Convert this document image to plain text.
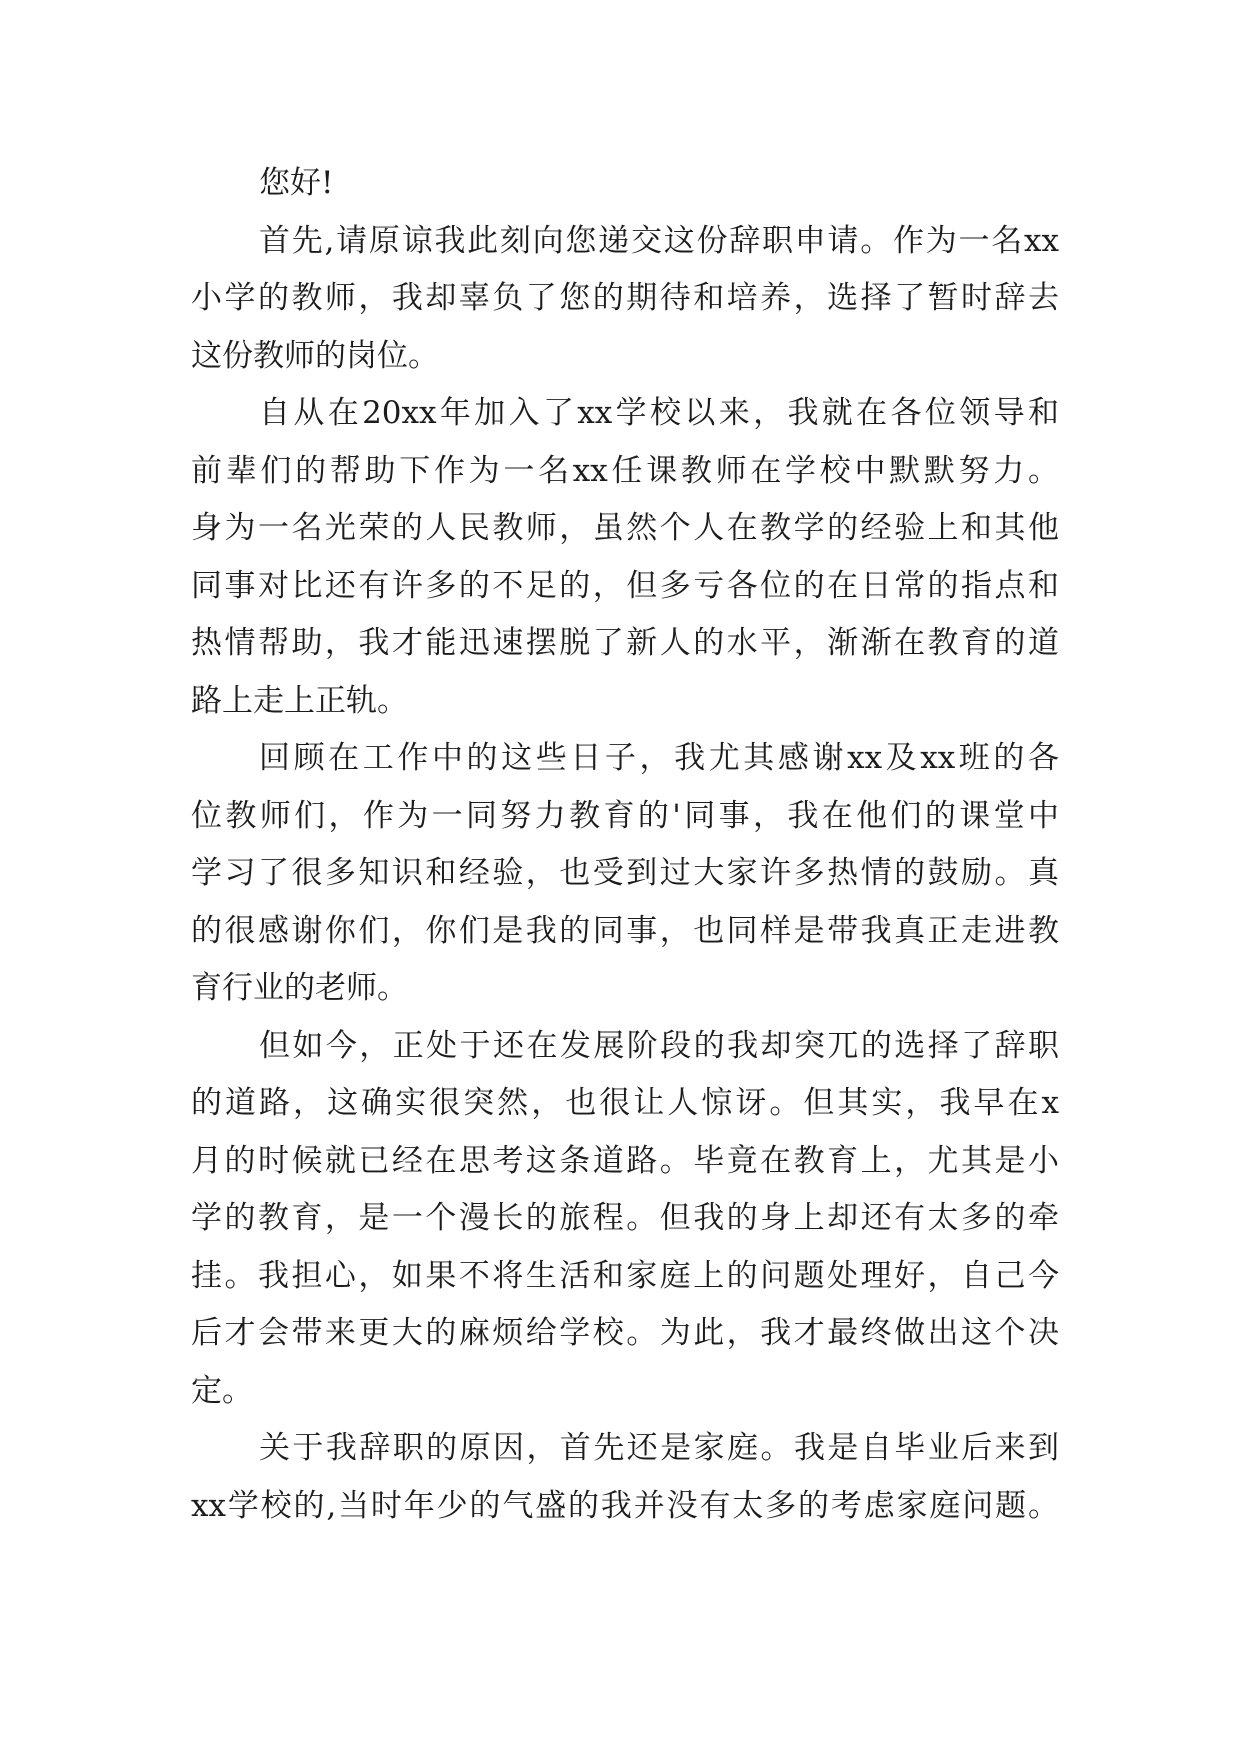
您好!
首先,请原谅我此刻向您递交这份辞职申请。作为一名xx
小学的教师，我却辜负了您的期待和培养，选择了暂时辞去
这份教师的岗位。
自从在20xx年加入了xx学校以来，我就在各位领导和
前辈们的帮助下作为一名xx任课教师在学校中默默努力。
身为一名光荣的人民教师，虽然个人在教学的经验上和其他
同事对比还有许多的不足的，但多亏各位的在日常的指点和
热情帮助，我才能迅速摆脱了新人的水平，渐渐在教育的道
路上走上正轨。
回顾在工作中的这些日子，我尤其感谢xx及xx班的各
位教师们，作为一同努力教育的'同事，我在他们的课堂中
学习了很多知识和经验，也受到过大家许多热情的鼓励。真
的很感谢你们，你们是我的同事，也同样是带我真正走进教
育行业的老师。
但如今，正处于还在发展阶段的我却突兀的选择了辞职
的道路，这确实很突然，也很让人惊讶。但其实，我早在x
月的时候就已经在思考这条道路。毕竟在教育上，尤其是小
学的教育，是一个漫长的旅程。但我的身上却还有太多的牵
挂。我担心，如果不将生活和家庭上的问题处理好，自己今
后才会带来更大的麻烦给学校。为此，我才最终做出这个决
定。
关于我辞职的原因，首先还是家庭。我是自毕业后来到
xx学校的,当时年少的气盛的我并没有太多的考虑家庭问题。
